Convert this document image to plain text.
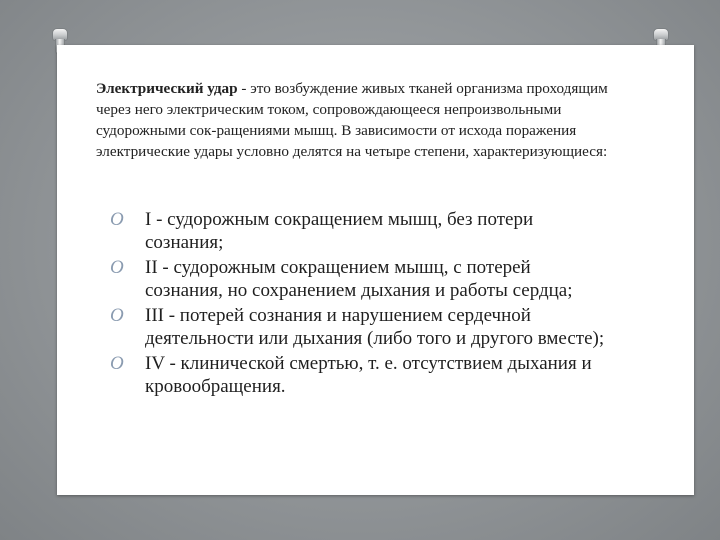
Электрический удар - это возбуждение живых тканей организма проходящим через него электрическим током, сопровождающееся непроизвольными судорожными сок-ращениями мышц. В зависимости от исхода поражения электрические удары условно делятся на четыре степени, характеризующиеся:

O I - судорожным сокращением мышц, без потери сознания;
O II - судорожным сокращением мышц, с потерей сознания, но сохранением дыхания и работы сердца;
O III - потерей сознания и нарушением сердечной деятельности или дыхания (либо того и другого вместе);
O IV - клинической смертью, т. е. отсутствием дыхания и кровообращения.
